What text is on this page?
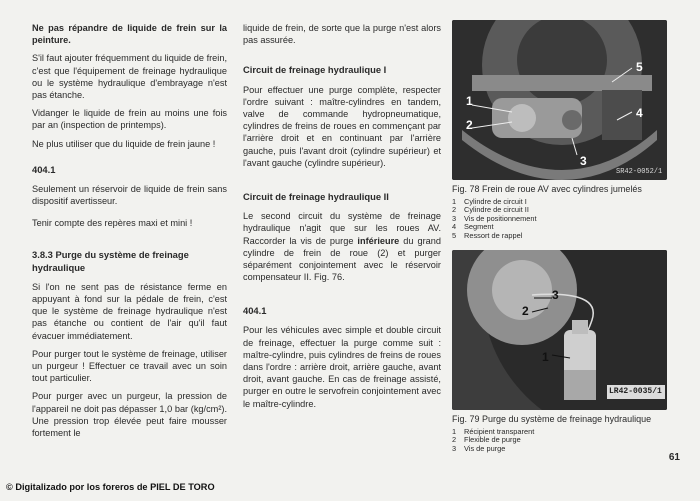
Ne pas répandre de liquide de frein sur la peinture.

S'il faut ajouter fréquemment du liquide de frein, c'est que l'équipement de freinage hydraulique ou le système hydraulique d'embrayage n'est pas étanche.

Vidanger le liquide de frein au moins une fois par an (inspection de printemps).

Ne plus utiliser que du liquide de frein jaune !

404.1

Seulement un réservoir de liquide de frein sans dispositif avertisseur.

Tenir compte des repères maxi et mini !

3.8.3 Purge du système de freinage hydraulique

Si l'on ne sent pas de résistance ferme en appuyant à fond sur la pédale de frein, c'est que le système de freinage hydraulique n'est pas étanche ou contient de l'air qu'il faut évacuer immédiatement.

Pour purger tout le système de freinage, utiliser un purgeur ! Effectuer ce travail avec un soin tout particulier.

Pour purger avec un purgeur, la pression de l'appareil ne doit pas dépasser 1,0 bar (kg/cm²). Une pression trop élevée peut faire mousser fortement le

liquide de frein, de sorte que la purge n'est alors pas assurée.

Circuit de freinage hydraulique I

Pour effectuer une purge complète, respecter l'ordre suivant : maître-cylindres en tandem, valve de commande hydropneumatique, cylindres de freins de roues en commençant par l'arrière droit et en continuant par l'arrière gauche, puis l'avant droit (cylindre supérieur) et l'avant gauche (cylindre supérieur).

Circuit de freinage hydraulique II

Le second circuit du système de freinage hydraulique n'agit que sur les roues AV. Raccorder la vis de purge inférieure du grand cylindre de frein de roue (2) et purger séparément conjointement avec le réservoir compensateur II. Fig. 76.

404.1

Pour les véhicules avec simple et double circuit de freinage, effectuer la purge comme suit : maître-cylindre, puis cylindres de freins de roues dans l'ordre : arrière droit, arrière gauche, avant droit, avant gauche. En cas de freinage assisté, purger en outre le servofrein conjointement avec le maître-cylindre.

1
2
3
4
5
SR42-0052/1

Fig. 78 Frein de roue AV avec cylindres jumelés

1	Cylindre de circuit I
2	Cylindre de circuit II
3	Vis de positionnement
4	Segment
5	Ressort de rappel
3
2
1
LR42-0035/1

Fig. 79 Purge du système de freinage hydraulique

1	Récipient transparent
2	Flexible de purge
3	Vis de purge
61
© Digitalizado por los foreros de PIEL DE TORO
